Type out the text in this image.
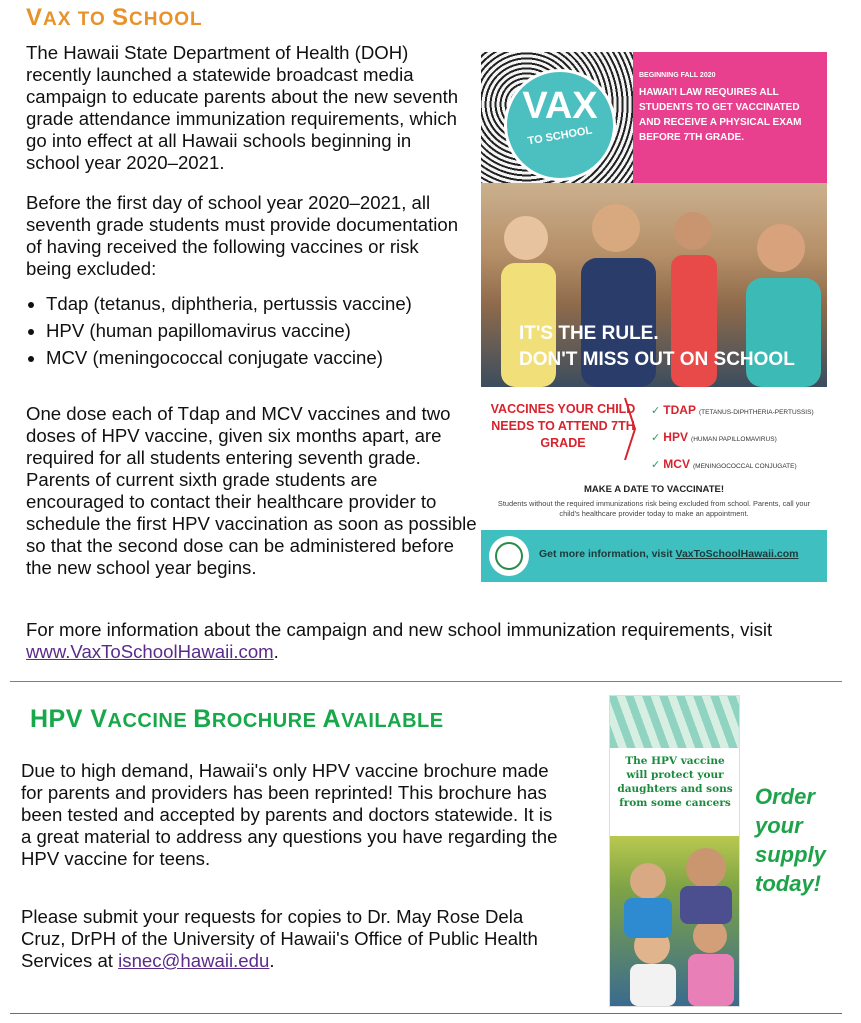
VAX TO SCHOOL
The Hawaii State Department of Health (DOH) recently launched a statewide broadcast media campaign to educate parents about the new seventh grade attendance immunization requirements, which go into effect at all Hawaii schools beginning in school year 2020–2021.
Before the first day of school year 2020–2021, all seventh grade students must provide documentation of having received the following vaccines or risk being excluded:
• Tdap (tetanus, diphtheria, pertussis vaccine)
• HPV (human papillomavirus vaccine)
• MCV (meningococcal conjugate vaccine)
One dose each of Tdap and MCV vaccines and two doses of HPV vaccine, given six months apart, are required for all students entering seventh grade. Parents of current sixth grade students are encouraged to contact their healthcare provider to schedule the first HPV vaccination as soon as possible so that the second dose can be administered before the new school year begins.
For more information about the campaign and new school immunization requirements, visit www.VaxToSchoolHawaii.com.
VAX
TO SCHOOL
BEGINNING FALL 2020
HAWAI'I LAW REQUIRES ALL STUDENTS TO GET VACCINATED AND RECEIVE A PHYSICAL EXAM BEFORE 7TH GRADE.
IT'S THE RULE.
DON'T MISS OUT ON SCHOOL
VACCINES YOUR CHILD NEEDS TO ATTEND 7TH GRADE
✓ TDAP (TETANUS-DIPHTHERIA-PERTUSSIS)
✓ HPV (HUMAN PAPILLOMAVIRUS)
✓ MCV (MENINGOCOCCAL CONJUGATE)
MAKE A DATE TO VACCINATE!
Students without the required immunizations risk being excluded from school. Parents, call your child's healthcare provider today to make an appointment.
Get more information, visit VaxToSchoolHawaii.com
HPV VACCINE BROCHURE AVAILABLE
Due to high demand, Hawaii's only HPV vaccine brochure made for parents and providers has been reprinted! This brochure has been tested and accepted by parents and doctors statewide. It is a great material to address any questions you have regarding the HPV vaccine for teens.
Please submit your requests for copies to Dr. May Rose Dela Cruz, DrPH of the University of Hawaii's Office of Public Health Services at isnec@hawaii.edu.
The HPV vaccine will protect your daughters and sons from some cancers Order your supply today!
